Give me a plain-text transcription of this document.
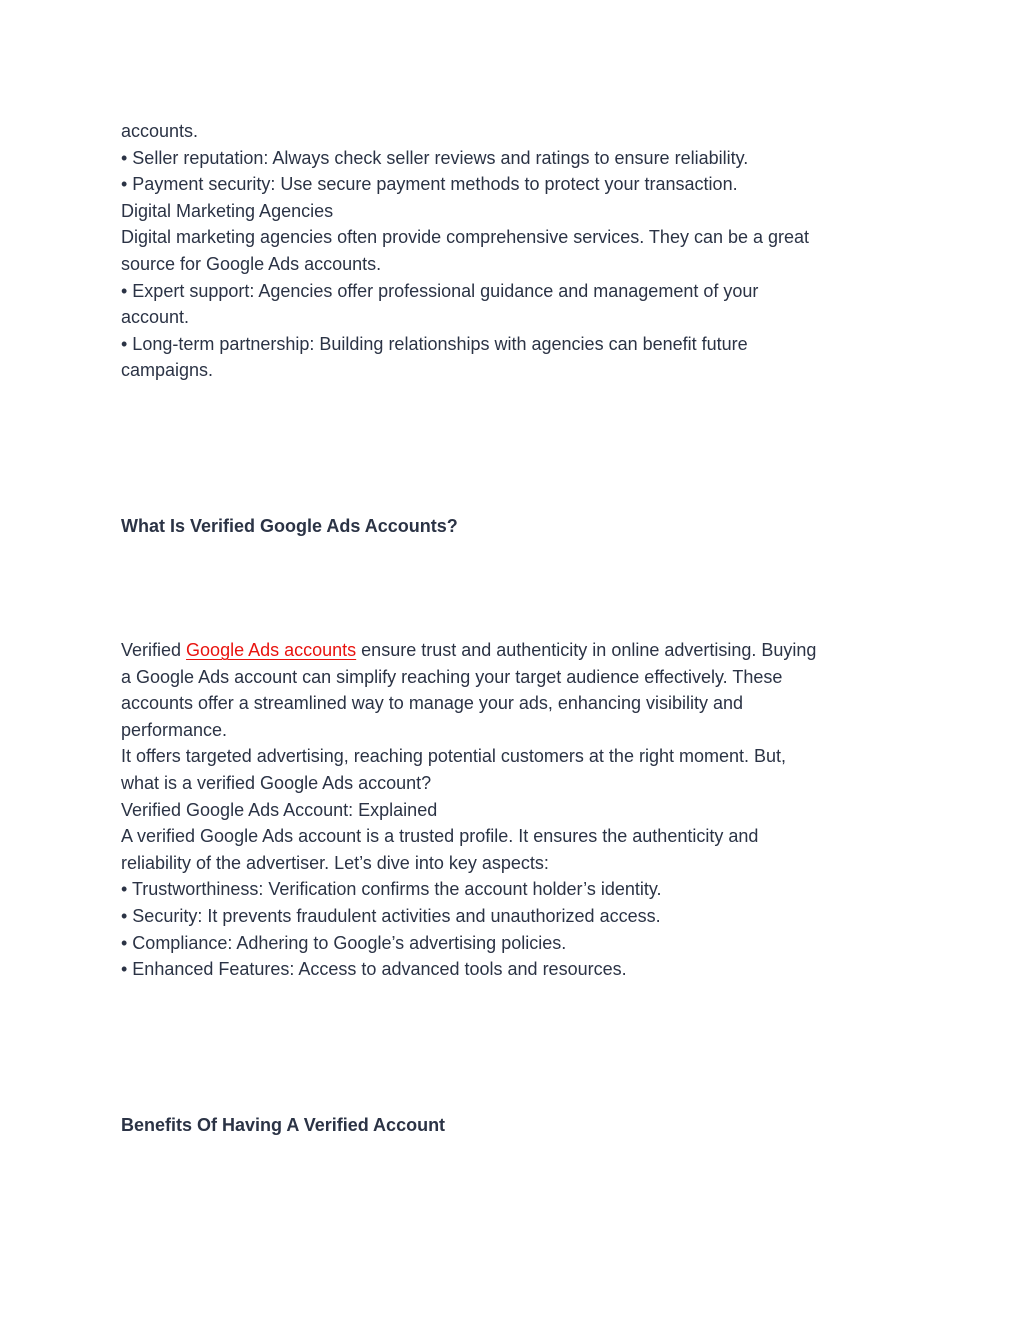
accounts.
• Seller reputation: Always check seller reviews and ratings to ensure reliability.
• Payment security: Use secure payment methods to protect your transaction.
Digital Marketing Agencies
Digital marketing agencies often provide comprehensive services. They can be a great
source for Google Ads accounts.
• Expert support: Agencies offer professional guidance and management of your
account.
• Long-term partnership: Building relationships with agencies can benefit future
campaigns.
What Is Verified Google Ads Accounts?
Verified Google Ads accounts ensure trust and authenticity in online advertising. Buying
a Google Ads account can simplify reaching your target audience effectively. These
accounts offer a streamlined way to manage your ads, enhancing visibility and
performance.
It offers targeted advertising, reaching potential customers at the right moment. But,
what is a verified Google Ads account?
Verified Google Ads Account: Explained
A verified Google Ads account is a trusted profile. It ensures the authenticity and
reliability of the advertiser. Let’s dive into key aspects:
• Trustworthiness: Verification confirms the account holder’s identity.
• Security: It prevents fraudulent activities and unauthorized access.
• Compliance: Adhering to Google’s advertising policies.
• Enhanced Features: Access to advanced tools and resources.
Benefits Of Having A Verified Account
